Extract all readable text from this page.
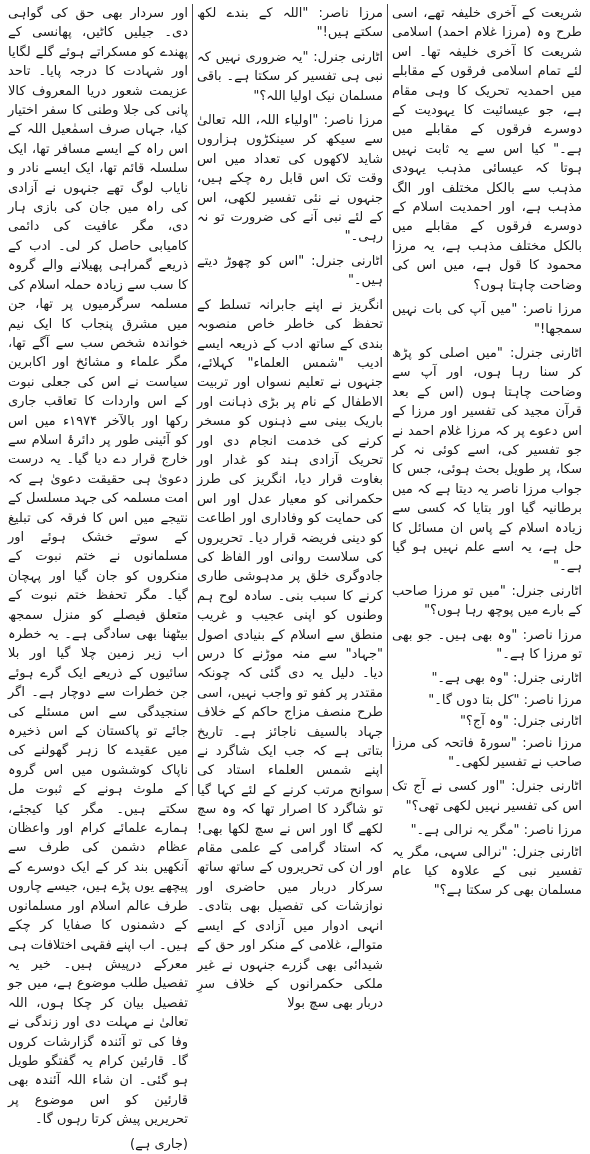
شریعت کے آخری خلیفہ تھے، اسی طرح وہ (مرزا غلام احمد) اسلامی شریعت کا آخری خلیفہ تھا۔ اس لئے تمام اسلامی فرقوں کے مقابلے میں احمدیہ تحریک کا وہی مقام ہے، جو عیسائیت کا یہودیت کے دوسرے فرقوں کے مقابلے میں ہے۔" کیا اس سے یہ ثابت نہیں ہوتا کہ عیسائی مذہب یہودی مذہب سے بالکل مختلف اور الگ مذہب ہے، اور احمدیت اسلام کے دوسرے فرقوں کے مقابلے میں بالکل مختلف مذہب ہے، یہ مرزا محمود کا قول ہے، میں اس کی وضاحت چاہتا ہوں؟

مرزا ناصر: "میں آپ کی بات نہیں سمجھا!"

اٹارنی جنرل: "میں اصلی کو پڑھ کر سنا رہا ہوں، اور آپ سے وضاحت چاہتا ہوں (اس کے بعد قرآن مجید کی تفسیر اور مرزا کے اس دعوے پر کہ مرزا غلام احمد نے جو تفسیر کی، اسے کوئی نہ کر سکا، پر طویل بحث ہوئی، جس کا جواب مرزا ناصر یہ دیتا ہے کہ میں برطانیہ گیا اور بتایا کہ کسی سے زیادہ اسلام کے پاس ان مسائل کا حل ہے، یہ اسے علم نہیں ہو گیا ہے۔"

اٹارنی جنرل: "میں تو مرزا صاحب کے بارے میں پوچھ رہا ہوں؟"

مرزا ناصر: "وہ بھی ہیں۔ جو بھی تو مرزا کا ہے۔"

اٹارنی جنرل: "وہ بھی ہے۔"

مرزا ناصر: "کل بتا دوں گا۔"

اٹارنی جنرل: "وہ آج؟"

مرزا ناصر: "سورۃ فاتحہ کی مرزا صاحب نے تفسیر لکھی۔"

اٹارنی جنرل: "اور کسی نے آج تک اس کی تفسیر نہیں لکھی تھی؟"

مرزا ناصر: "مگر یہ نرالی ہے۔"

اٹارنی جنرل: "نرالی سہی، مگر یہ تفسیر نبی کے علاوہ کیا عام مسلمان بھی کر سکتا ہے؟"

مرزا ناصر: "اللہ کے بندے لکھ سکتے ہیں!"

اٹارنی جنرل: "یہ ضروری نہیں کہ نبی ہی تفسیر کر سکتا ہے۔ باقی مسلمان نیک اولیا اللہ؟"

مرزا ناصر: "اولیاء اللہ، اللہ تعالیٰ سے سیکھ کر سینکڑوں ہزاروں شاید لاکھوں کی تعداد میں اس وقت تک اس قابل رہ چکے ہیں، جنہوں نے نئی تفسیر لکھی، اس کے لئے نبی آنے کی ضرورت تو نہ رہی۔"

اٹارنی جنرل: "اس کو چھوڑ دیتے ہیں۔"

انگریز نے اپنے جابرانہ تسلط کے تحفظ کی خاطر خاص منصوبہ بندی کے ساتھ ادب کے ذریعہ ایسے ادیب "شمس العلماء" کہلائے، جنہوں نے تعلیم نسواں اور تربیت الاطفال کے نام پر بڑی ذہانت اور باریک بینی سے ذہنوں کو مسخر کرنے کی خدمت انجام دی اور تحریک آزادی ہند کو غدار اور بغاوت قرار دیا، انگریز کی طرز حکمرانی کو معیار عدل اور اس کی حمایت کو وفاداری اور اطاعت کو دینی فریضہ قرار دیا۔ تحریروں کی سلاست روانی اور الفاظ کی جادوگری خلق پر مدہوشی طاری کرنے کا سبب بنی۔ سادہ لوح ہم وطنوں کو اپنی عجیب و غریب منطق سے اسلام کے بنیادی اصول "جہاد" سے منہ موڑنے کا درس دیا۔ دلیل یہ دی گئی کہ چونکہ مقتدر پر کفو تو واجب نہیں، اسی طرح منصف مزاج حاکم کے خلاف جہاد بالسیف ناجائز ہے۔ تاریخ بتاتی ہے کہ جب ایک شاگرد نے اپنے شمس العلماء استاد کی سوانح مرتب کرنے کے لئے کہا گیا تو شاگرد کا اصرار تھا کہ وہ سچ لکھے گا اور اس نے سچ لکھا بھی! کہ استاد گرامی کے علمی مقام اور ان کی تحریروں کے ساتھ ساتھ سرکار دربار میں حاضری اور نوازشات کی تفصیل بھی بتادی۔ انہی ادوار میں آزادی کے ایسے متوالے، غلامی کے منکر اور حق کے شیدائی بھی گزرے جنہوں نے غیر ملکی حکمرانوں کے خلاف سرِ دربار بھی سچ بولا

اور سردار بھی حق کی گواہی دی۔ جیلیں کاٹیں، پھانسی کے پھندے کو مسکراتے ہوئے گلے لگایا اور شہادت کا درجہ پایا۔ تاحد عزیمت شعور دریا المعروف کالا پانی کی جلا وطنی کا سفر اختیار کیا، جہاں صرف اسمٰعیل اللہ کے اس راہ کے ایسے مسافر تھا، ایک سلسلہ قائم تھا، ایک ایسے نادر و نایاب لوگ تھے جنہوں نے آزادی کی راہ میں جان کی بازی ہار دی، مگر عافیت کی دائمی کامیابی حاصل کر لی۔ ادب کے ذریعے گمراہی پھیلانے والے گروہ کا سب سے زیادہ حملہ اسلام کی مسلمہ سرگرمیوں پر تھا، جن میں مشرق پنجاب کا ایک نیم خواندہ شخص سب سے آگے تھا، مگر علماء و مشائخ اور اکابرین سیاست نے اس کی جعلی نبوت کے اس واردات کا تعاقب جاری رکھا اور بالآخر ۱۹۷۴ء میں اس کو آئینی طور پر دائرۂ اسلام سے خارج قرار دے دیا گیا۔ یہ درست دعویٰ ہی حقیقت دعویٰ ہے کہ امت مسلمہ کی جہد مسلسل کے نتیجے میں اس کا فرقہ کی تبلیغ کے سوتے خشک ہوئے اور مسلمانوں نے ختم نبوت کے منکروں کو جان گیا اور پہچان گیا۔ مگر تحفظ ختم نبوت کے متعلق فیصلے کو منزل سمجھ بیٹھنا بھی سادگی ہے۔ یہ خطرہ اب زیر زمین چلا گیا اور بلا سائیوں کے ذریعے ایک گرے ہوئے جن خطرات سے دوچار ہے۔ اگر سنجیدگی سے اس مسئلے کی جائے تو پاکستان کے اس ذخیرہ میں عقیدے کا زہر گھولنے کی ناپاک کوششوں میں اس گروہ کے ملوث ہونے کے ثبوت مل سکتے ہیں۔ مگر کیا کیجئے، ہمارے علمائے کرام اور واعظان عظام دشمن کی طرف سے آنکھیں بند کر کے ایک دوسرے کے پیچھے یوں پڑے ہیں، جیسے چاروں طرف عالم اسلام اور مسلمانوں کے دشمنوں کا صفایا کر چکے ہیں۔ اب اپنے فقہی اختلافات ہی معرکے درپیش ہیں۔ خیر یہ تفصیل طلب موضوع ہے، میں جو تفصیل بیان کر چکا ہوں، اللہ تعالیٰ نے مہلت دی اور زندگی نے وفا کی تو آئندہ گزارشات کروں گا۔ قارئین کرام یہ گفتگو طویل ہو گئی۔ ان شاء اللہ آئندہ بھی قارئین کو اس موضوع پر تحریریں پیش کرتا رہوں گا۔

(جاری ہے)
